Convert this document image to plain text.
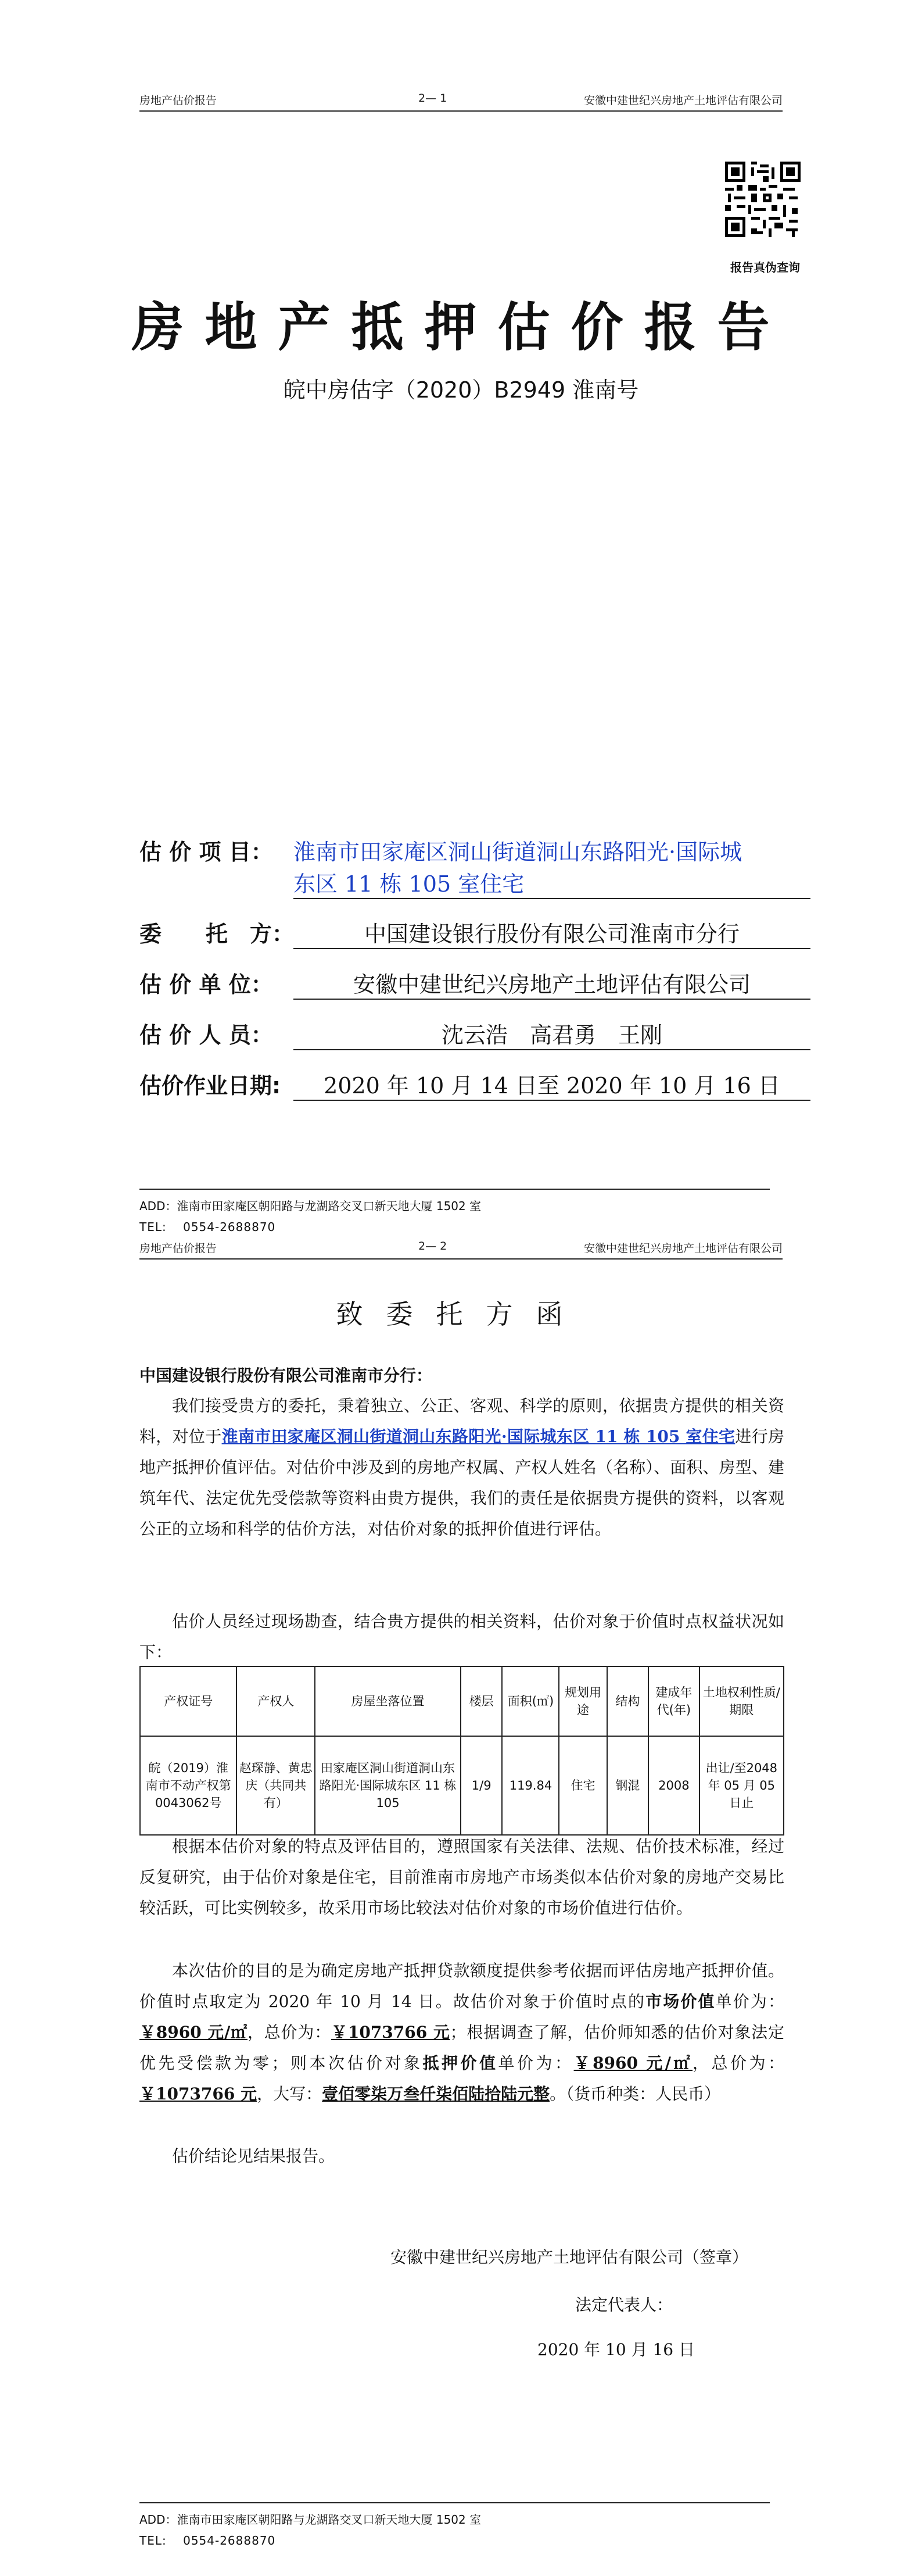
房地产估价报告	2— 1	安徽中建世纪兴房地产土地评估有限公司
报告真伪查询
房地产抵押估价报告
皖中房估字（2020）B2949 淮南号
估 价 项 目： 淮南市田家庵区洞山街道洞山东路阳光·国际城
东区 11 栋 105 室住宅
委　　托　方：	中国建设银行股份有限公司淮南市分行
估 价 单 位：	安徽中建世纪兴房地产土地评估有限公司
估 价 人 员：	沈云浩　高君勇　王刚
估价作业日期:	2020 年 10 月 14 日至 2020 年 10 月 16 日
ADD：淮南市田家庵区朝阳路与龙湖路交叉口新天地大厦 1502 室
TEL:　 0554-2688870
房地产估价报告	2— 2	安徽中建世纪兴房地产土地评估有限公司
致委托方函
中国建设银行股份有限公司淮南市分行：
我们接受贵方的委托，秉着独立、公正、客观、科学的原则，依据贵方提供的相关资料，对位于淮南市田家庵区洞山街道洞山东路阳光·国际城东区 11 栋 105 室住宅进行房地产抵押价值评估。对估价中涉及到的房地产权属、产权人姓名（名称）、面积、房型、建筑年代、法定优先受偿款等资料由贵方提供，我们的责任是依据贵方提供的资料，以客观公正的立场和科学的估价方法，对估价对象的抵押价值进行评估。
估价人员经过现场勘查，结合贵方提供的相关资料，估价对象于价值时点权益状况如下：
产权证号	产权人	房屋坐落位置	楼层	面积(㎡)	规划用途	结构	建成年代(年)	土地权利性质/期限
皖（2019）淮南市不动产权第0043062号	赵琛静、黄忠庆（共同共有）	田家庵区洞山街道洞山东路阳光·国际城东区 11 栋 105	1/9	119.84	住宅	钢混	2008	出让/至2048 年 05 月 05 日止
根据本估价对象的特点及评估目的，遵照国家有关法律、法规、估价技术标准，经过反复研究，由于估价对象是住宅，目前淮南市房地产市场类似本估价对象的房地产交易比较活跃，可比实例较多，故采用市场比较法对估价对象的市场价值进行估价。
本次估价的目的是为确定房地产抵押贷款额度提供参考依据而评估房地产抵押价值。价值时点取定为 2020 年 10 月 14 日。故估价对象于价值时点的市场价值单价为：￥8960 元/㎡，总价为：￥1073766 元；根据调查了解，估价师知悉的估价对象法定优先受偿款为零；则本次估价对象抵押价值单价为：￥8960 元/㎡，总价为：￥1073766 元，大写：壹佰零柒万叁仟柒佰陆拾陆元整。（货币种类：人民币）
估价结论见结果报告。
安徽中建世纪兴房地产土地评估有限公司（签章）
法定代表人：
2020 年 10 月 16 日
ADD：淮南市田家庵区朝阳路与龙湖路交叉口新天地大厦 1502 室
TEL:　 0554-2688870
